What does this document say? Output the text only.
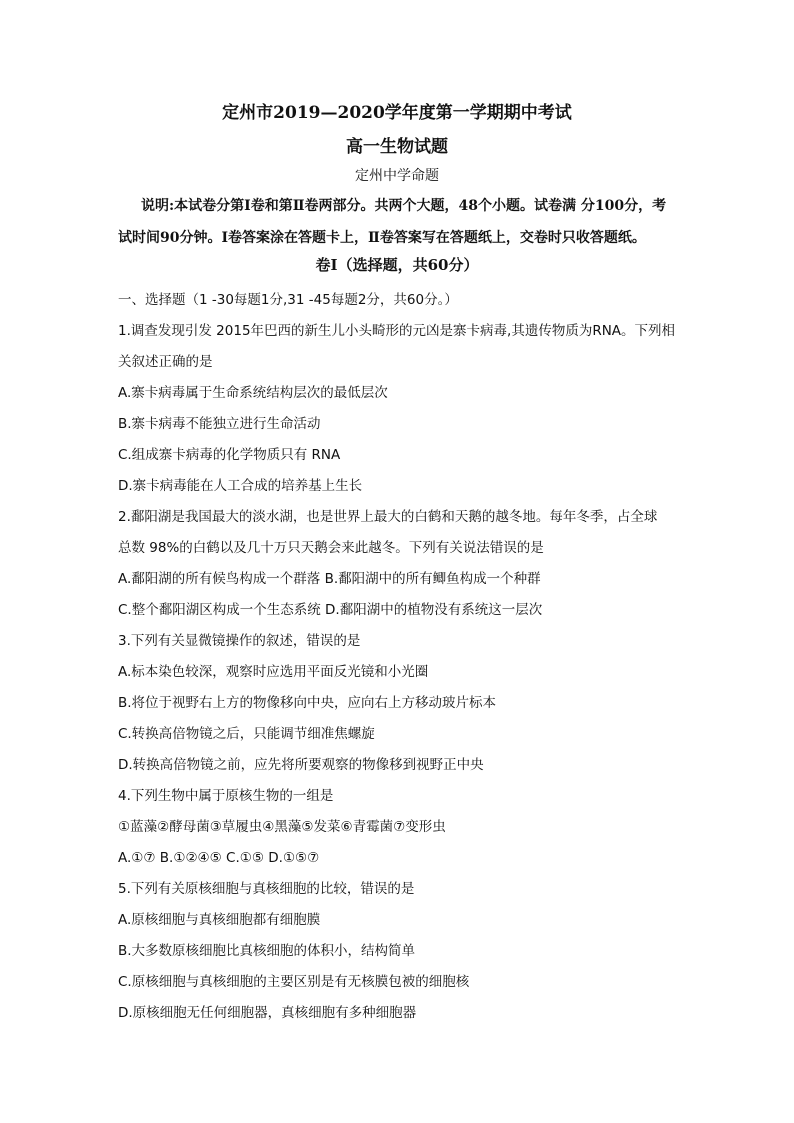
定州市2019—2020学年度第一学期期中考试
高一生物试题
定州中学命题
说明:本试卷分第Ⅰ卷和第Ⅱ卷两部分。共两个大题，48个小题。试卷满 分100分，考
试时间90分钟。Ⅰ卷答案涂在答题卡上，Ⅱ卷答案写在答题纸上，交卷时只收答题纸。
卷Ⅰ（选择题，共60分）
一、选择题（1 -30每题1分,31 -45每题2分，共60分。）
1.调查发现引发 2015年巴西的新生儿小头畸形的元凶是寨卡病毒,其遗传物质为RNA。下列相
关叙述正确的是
A.寨卡病毒属于生命系统结构层次的最低层次
B.寨卡病毒不能独立进行生命活动
C.组成寨卡病毒的化学物质只有 RNA
D.寨卡病毒能在人工合成的培养基上生长
2.鄱阳湖是我国最大的淡水湖，也是世界上最大的白鹤和天鹅的越冬地。每年冬季，占全球
总数 98%的白鹤以及几十万只天鹅会来此越冬。下列有关说法错误的是
A.鄱阳湖的所有候鸟构成一个群落 B.鄱阳湖中的所有鲫鱼构成一个种群
C.整个鄱阳湖区构成一个生态系统 D.鄱阳湖中的植物没有系统这一层次
3.下列有关显微镜操作的叙述，错误的是
A.标本染色较深，观察时应选用平面反光镜和小光圈
B.将位于视野右上方的物像移向中央，应向右上方移动玻片标本
C.转换高倍物镜之后，只能调节细准焦螺旋
D.转换高倍物镜之前，应先将所要观察的物像移到视野正中央
4.下列生物中属于原核生物的一组是
①蓝藻②酵母菌③草履虫④黑藻⑤发菜⑥青霉菌⑦变形虫
A.①⑦ B.①②④⑤ C.①⑤ D.①⑤⑦
5.下列有关原核细胞与真核细胞的比较，错误的是
A.原核细胞与真核细胞都有细胞膜
B.大多数原核细胞比真核细胞的体积小，结构简单
C.原核细胞与真核细胞的主要区别是有无核膜包被的细胞核
D.原核细胞无任何细胞器，真核细胞有多种细胞器
